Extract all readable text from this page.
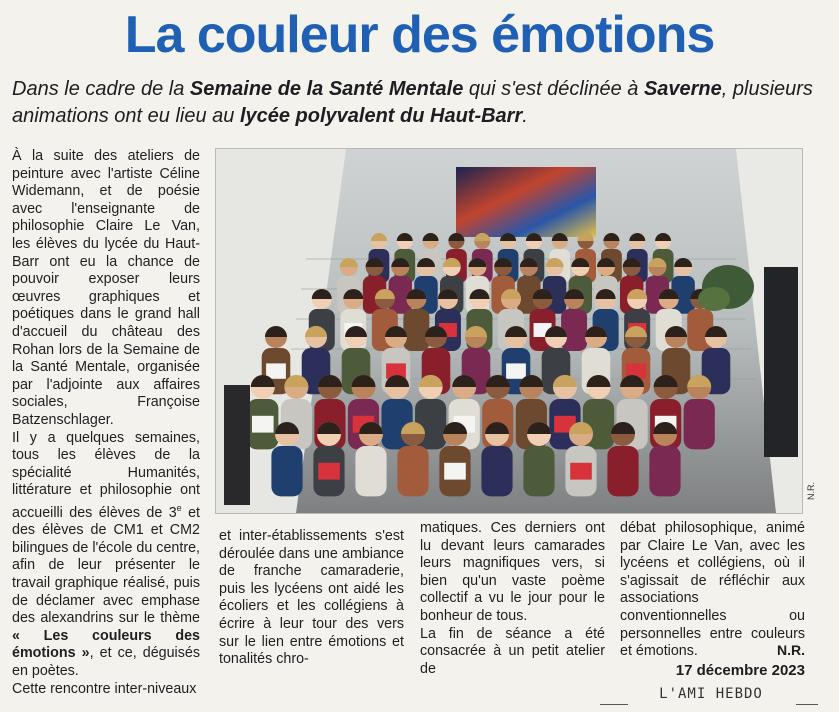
La couleur des émotions
Dans le cadre de la Semaine de la Santé Mentale qui s'est déclinée à Saverne, plusieurs animations ont eu lieu au lycée polyvalent du Haut-Barr.
À la suite des ateliers de peinture avec l'artiste Céline Widemann, et de poésie avec l'enseignante de philosophie Claire Le Van, les élèves du lycée du Haut-Barr ont eu la chance de pouvoir exposer leurs œuvres graphiques et poétiques dans le grand hall d'accueil du château des Rohan lors de la Semaine de la Santé Mentale, organisée par l'adjointe aux affaires sociales, Françoise Batzenschlager.
Il y a quelques semaines, tous les élèves de la spécialité Humanités, littérature et philosophie ont accueilli des élèves de 3e et des élèves de CM1 et CM2 bilingues de l'école du centre, afin de leur présenter le travail graphique réalisé, puis de déclamer avec emphase des alexandrins sur le thème « Les couleurs des émotions », et ce, déguisés en poètes.
Cette rencontre inter-niveaux
N.R.
et inter-établissements s'est déroulée dans une ambiance de franche camaraderie, puis les lycéens ont aidé les écoliers et les collégiens à écrire à leur tour des vers sur le lien entre émotions et tonalités chro-
matiques. Ces derniers ont lu devant leurs camarades leurs magnifiques vers, si bien qu'un vaste poème collectif a vu le jour pour le bonheur de tous.
La fin de séance a été consacrée à un petit atelier de
débat philosophique, animé par Claire Le Van, avec les lycéens et collégiens, où il s'agissait de réfléchir aux associations conventionnelles ou personnelles entre couleurs et émotions.	N.R.
17 décembre 2023
L'AMI HEBDO
